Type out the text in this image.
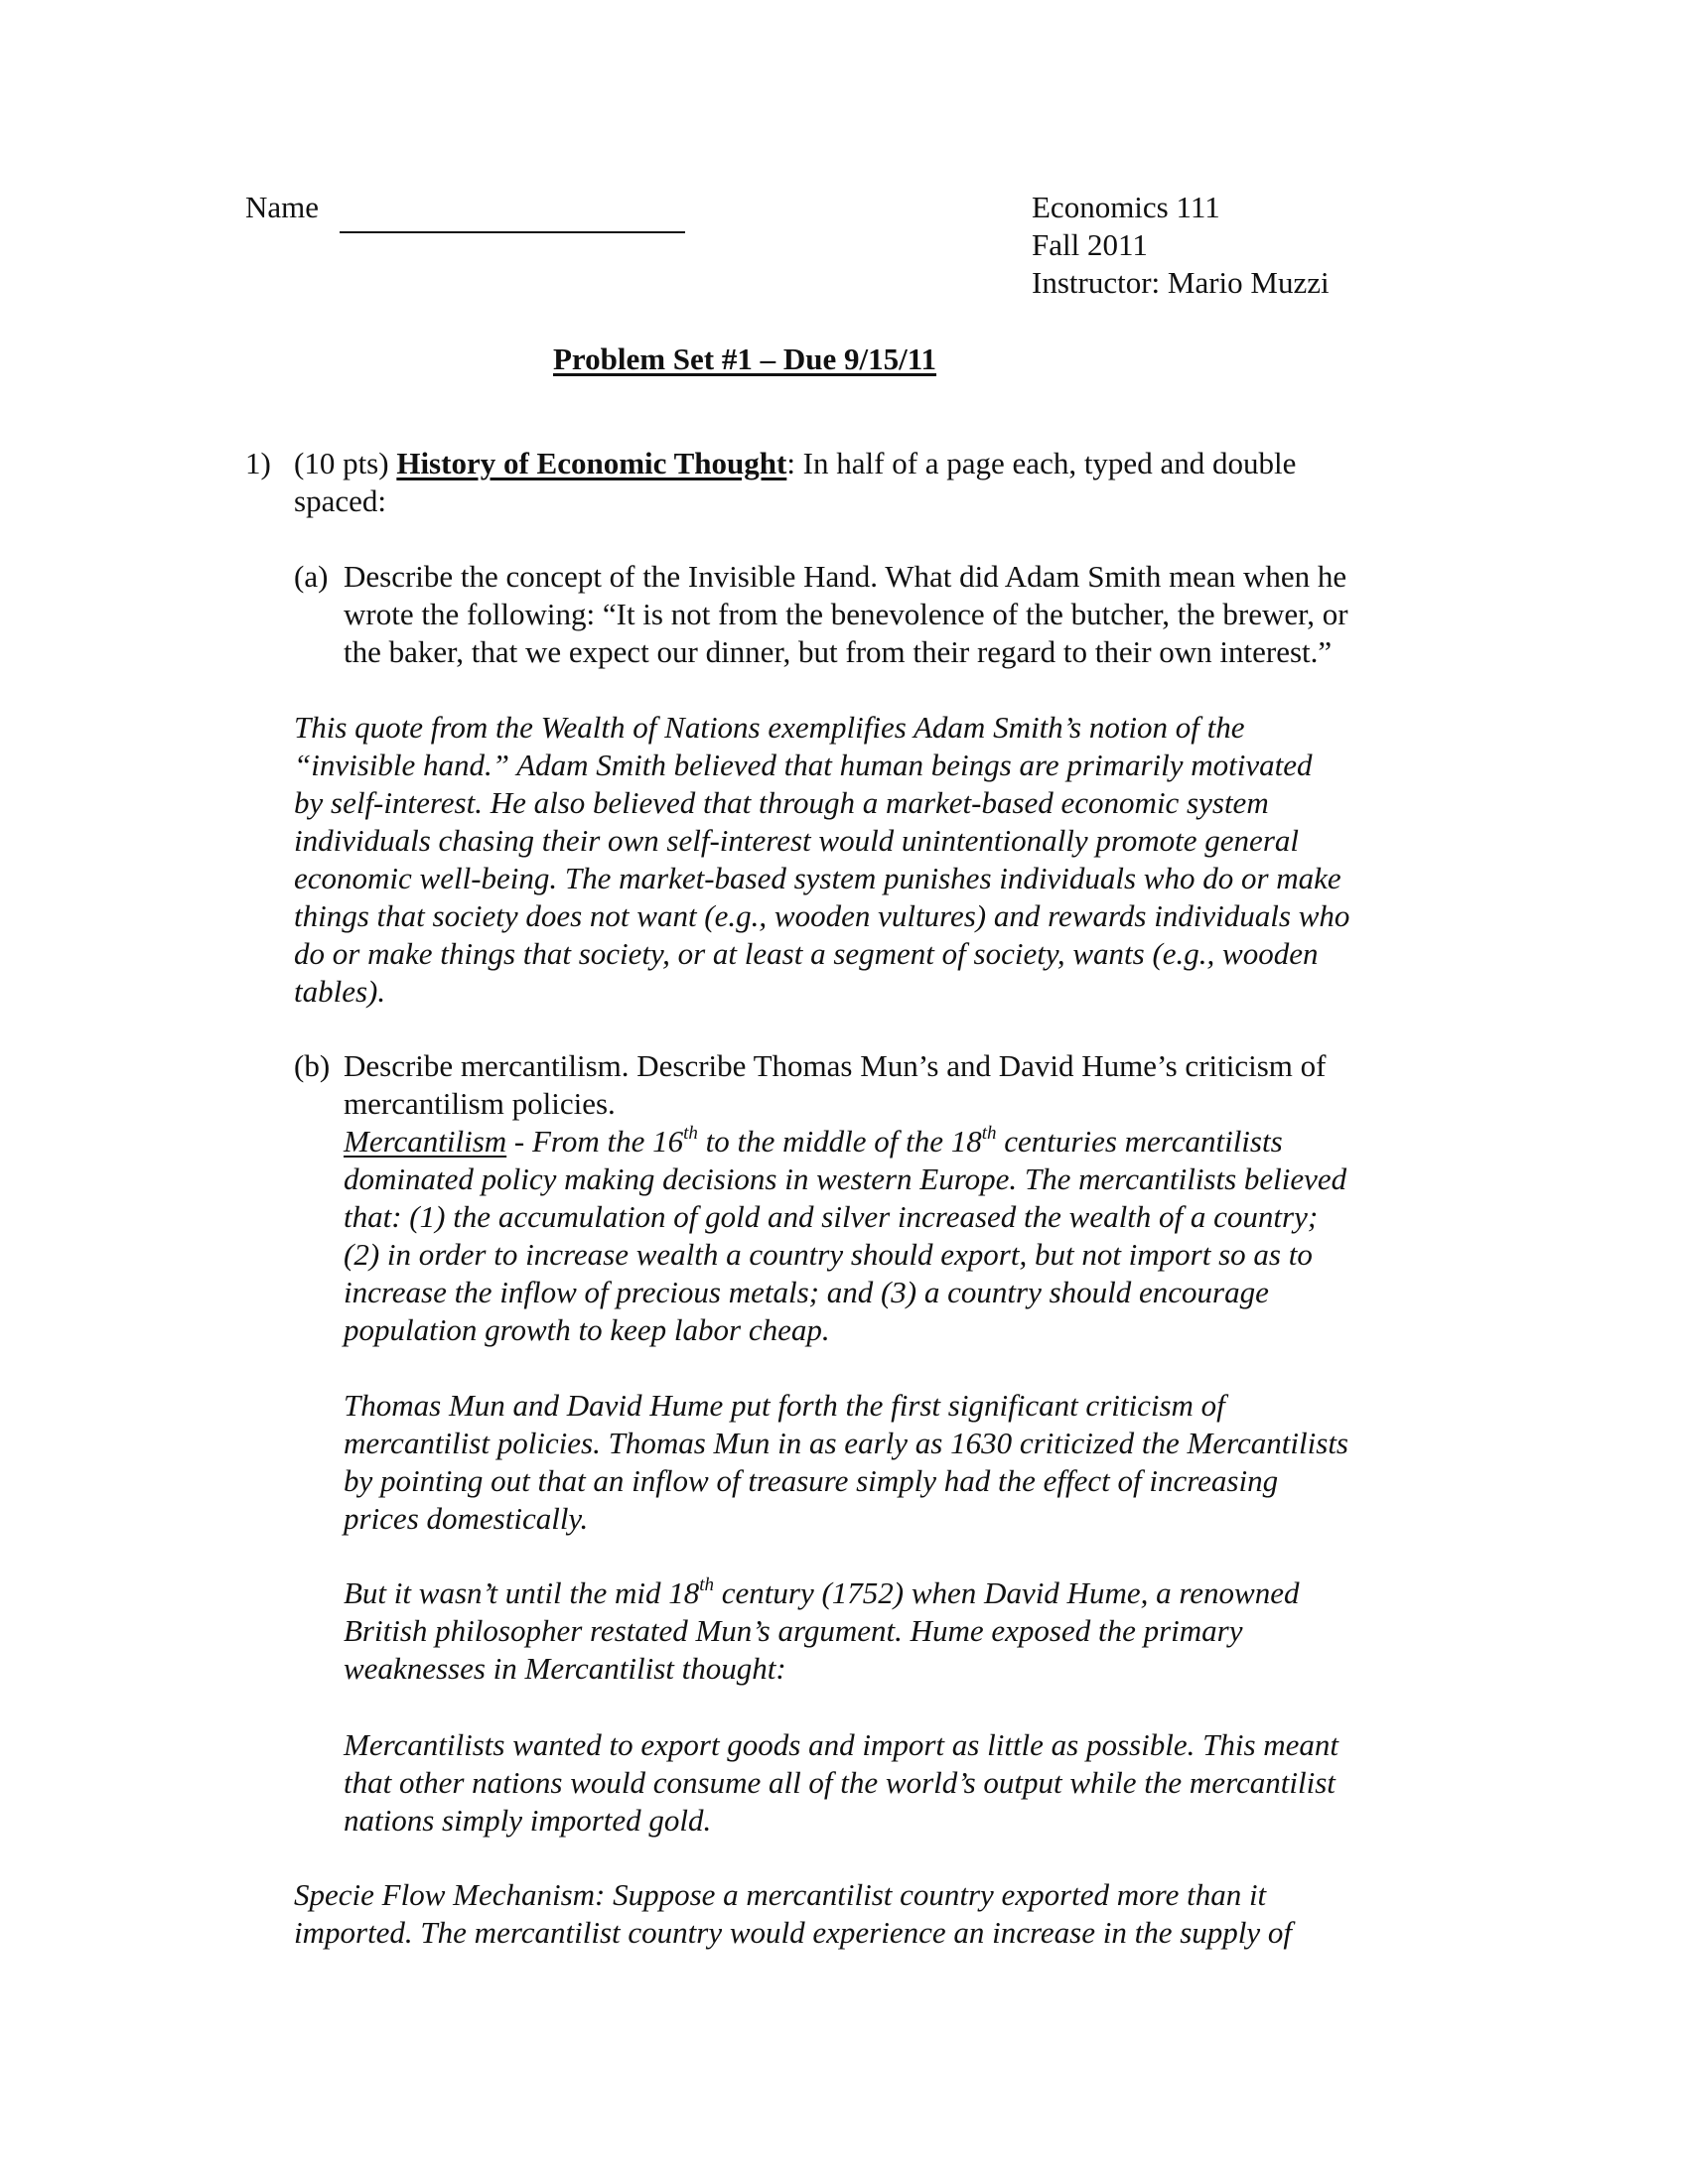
Name	Economics 111
Fall 2011
Instructor: Mario Muzzi
Problem Set #1 – Due 9/15/11
1) (10 pts) History of Economic Thought: In half of a page each, typed and double
spaced:
(a) Describe the concept of the Invisible Hand. What did Adam Smith mean when he
wrote the following: “It is not from the benevolence of the butcher, the brewer, or
the baker, that we expect our dinner, but from their regard to their own interest.”
This quote from the Wealth of Nations exemplifies Adam Smith’s notion of the
“invisible hand.” Adam Smith believed that human beings are primarily motivated
by self-interest. He also believed that through a market-based economic system
individuals chasing their own self-interest would unintentionally promote general
economic well-being. The market-based system punishes individuals who do or make
things that society does not want (e.g., wooden vultures) and rewards individuals who
do or make things that society, or at least a segment of society, wants (e.g., wooden
tables).
(b) Describe mercantilism. Describe Thomas Mun’s and David Hume’s criticism of
mercantilism policies.
Mercantilism - From the 16th to the middle of the 18th centuries mercantilists
dominated policy making decisions in western Europe. The mercantilists believed
that: (1) the accumulation of gold and silver increased the wealth of a country;
(2) in order to increase wealth a country should export, but not import so as to
increase the inflow of precious metals; and (3) a country should encourage
population growth to keep labor cheap.
Thomas Mun and David Hume put forth the first significant criticism of
mercantilist policies. Thomas Mun in as early as 1630 criticized the Mercantilists
by pointing out that an inflow of treasure simply had the effect of increasing
prices domestically.
But it wasn’t until the mid 18th century (1752) when David Hume, a renowned
British philosopher restated Mun’s argument. Hume exposed the primary
weaknesses in Mercantilist thought:
Mercantilists wanted to export goods and import as little as possible. This meant
that other nations would consume all of the world’s output while the mercantilist
nations simply imported gold.
Specie Flow Mechanism: Suppose a mercantilist country exported more than it
imported. The mercantilist country would experience an increase in the supply of
